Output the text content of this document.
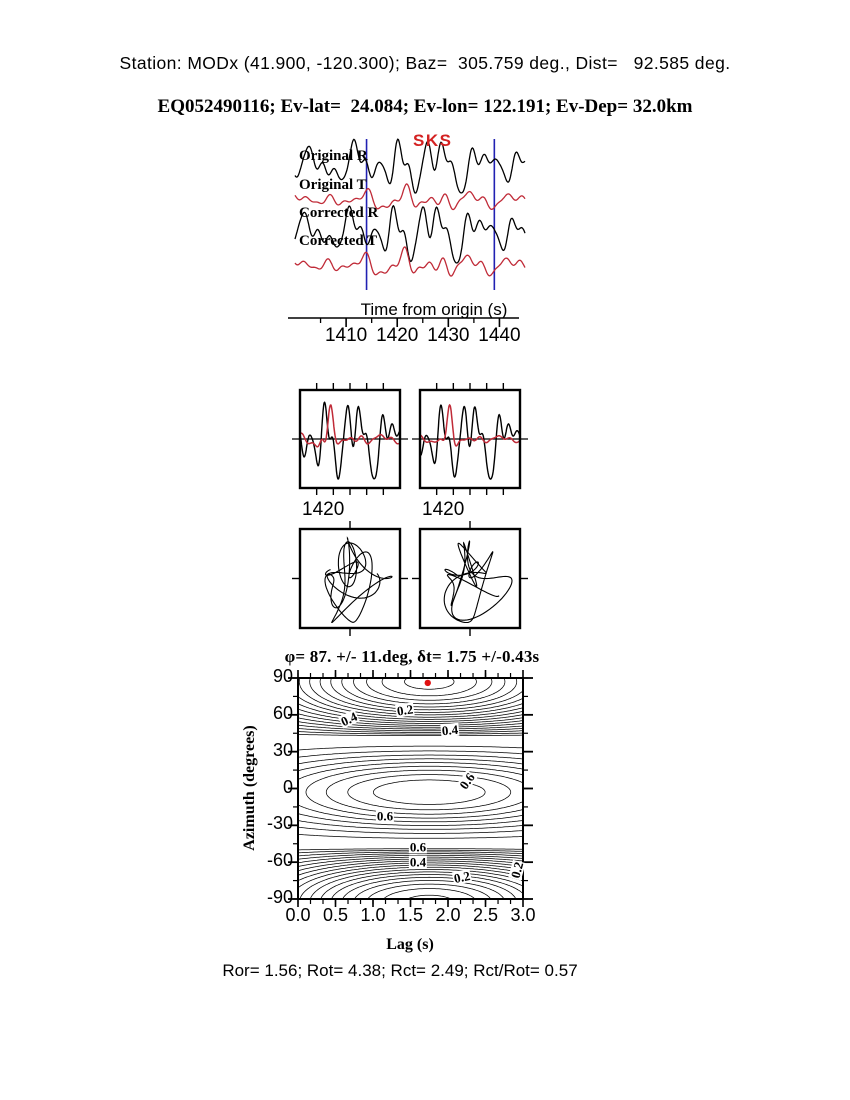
Station: MODx (41.900, -120.300); Baz=  305.759 deg., Dist=   92.585 deg.
EQ052490116; Ev-lat=  24.084; Ev-lon= 122.191; Ev-Dep= 32.0km
SKS
Original R
Original T
Corrected R
Corrected T
Time from origin (s)
1410 1420 1430 1440
1420	1420
φ= 87. +/- 11.deg, δt= 1.75 +/-0.43s
90
60
30
0
-30
-60
-90
0.0 0.5 1.0 1.5 2.0 2.5 3.0
0.2
0.4
0.4
0.6
0.6
0.6
0.4
0.2	0.2
Lag (s)
Azimuth (degrees)
Ror= 1.56; Rot= 4.38; Rct= 2.49; Rct/Rot= 0.57
